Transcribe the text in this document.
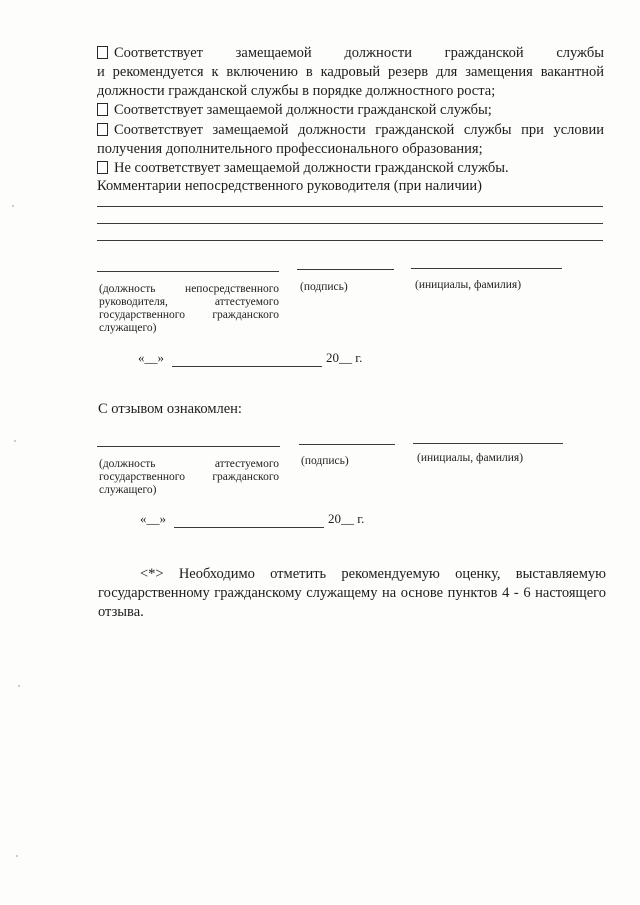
Соответствует замещаемой должности гражданской службы
и рекомендуется к включению в кадровый резерв для замещения вакантной должности гражданской службы в порядке должностного роста;
Соответствует замещаемой должности гражданской службы;
Соответствует замещаемой должности гражданской службы при условии
получения дополнительного профессионального образования;
Не соответствует замещаемой должности гражданской службы.
Комментарии непосредственного руководителя (при наличии)
(должность непосредственного руководителя, аттестуемого государственного гражданского служащего)
(подпись)	(инициалы, фамилия)
«__»	20__ г.
С отзывом ознакомлен:
(должность аттестуемого государственного гражданского служащего)
(подпись)	(инициалы, фамилия)
«__»	20__ г.
<*> Необходимо отметить рекомендуемую оценку, выставляемую государственному гражданскому служащему на основе пунктов 4 - 6 настоящего отзыва.
